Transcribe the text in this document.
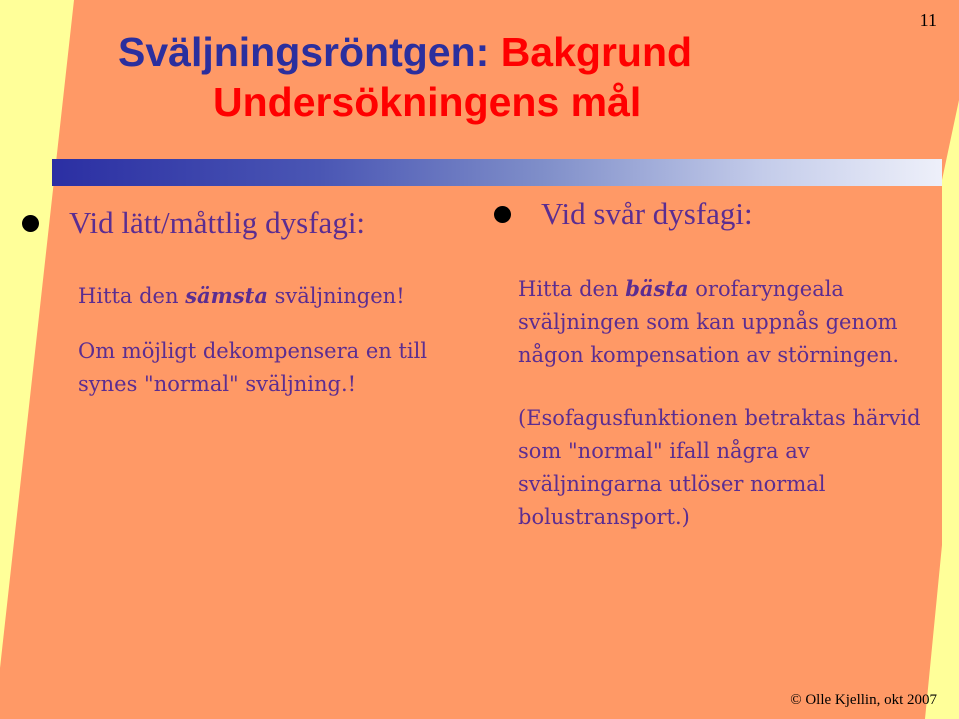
11
Sväljningsröntgen: Bakgrund
Undersökningens mål
Vid lätt/måttlig dysfagi:

Hitta den sämsta sväljningen!

Om möjligt dekompensera en till synes "normal" sväljning.!

Vid svår dysfagi:

Hitta den bästa orofaryngeala sväljningen som kan uppnås genom någon kompensation av störningen.

(Esofagusfunktionen betraktas härvid som "normal" ifall några av sväljningarna utlöser normal bolustransport.)

© Olle Kjellin, okt 2007
